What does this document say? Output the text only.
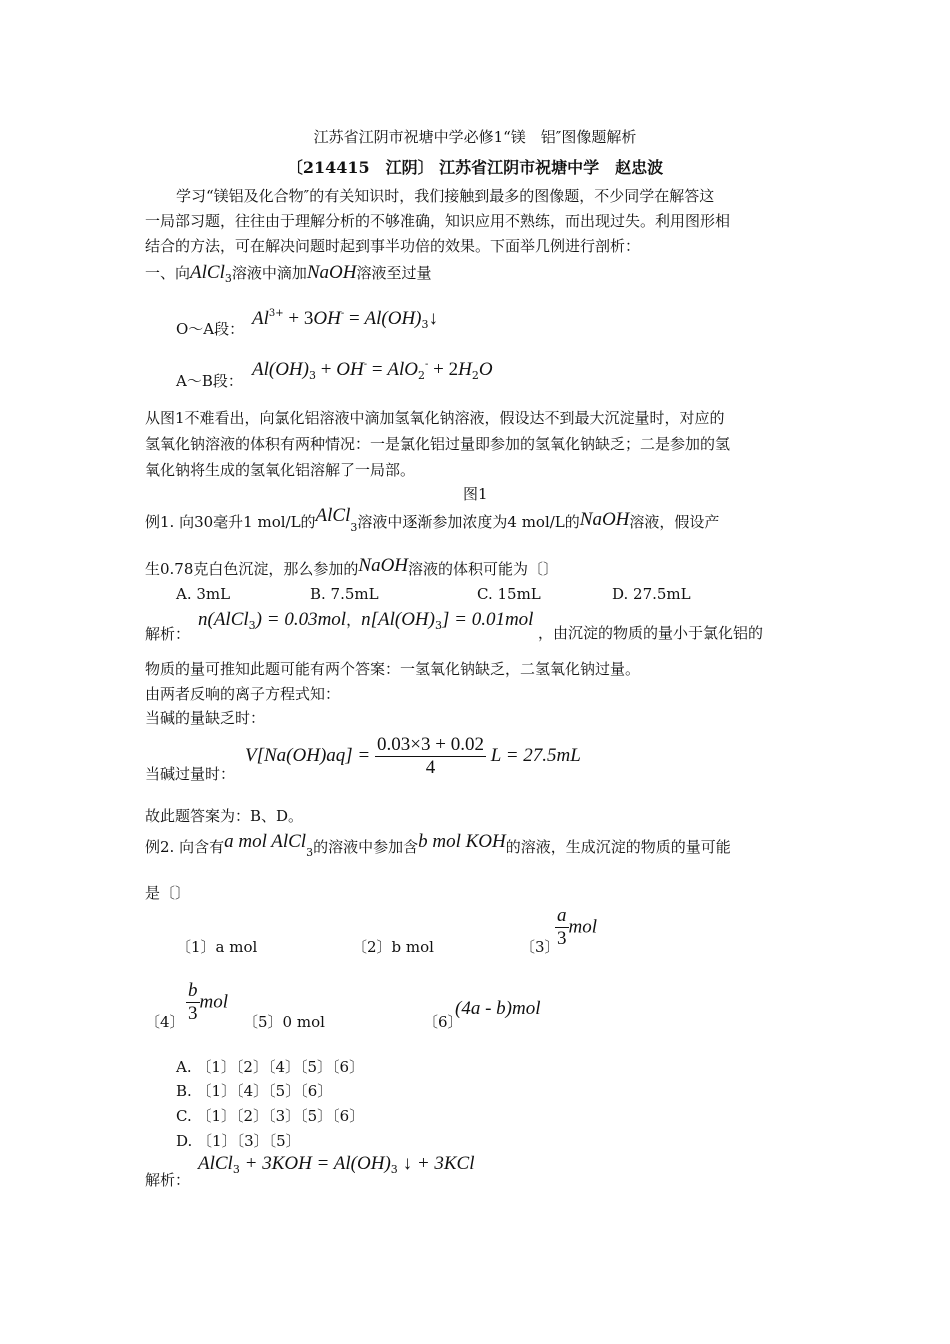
江苏省江阴市祝塘中学必修1“镁　铝″图像题解析
〔214415　江阴〕 江苏省江阴市祝塘中学　赵忠波
学习“镁铝及化合物″的有关知识时，我们接触到最多的图像题，不少同学在解答这
一局部习题，往往由于理解分析的不够准确，知识应用不熟练，而出现过失。利用图形相
结合的方法，可在解决问题时起到事半功倍的效果。下面举几例进行剖析：
一、向AlCl$_3$溶液中滴加NaOH溶液至过量
O～A段： $Al^{3+} + 3OH^-$ = $Al(OH)_3↓$
A～B段：
$Al(OH)_3 + OH^- = AlO_2^- + 2H_2O$
从图1不难看出，向氯化铝溶液中滴加氢氧化钠溶液，假设达不到最大沉淀量时，对应的
氢氧化钠溶液的体积有两种情况：一是氯化铝过量即参加的氢氧化钠缺乏；二是参加的氢
氧化钠将生成的氢氧化铝溶解了一局部。
图1
例1. 向30毫升1 mol/L的AlCl$_3$溶液中逐渐参加浓度为4 mol/L的NaOH溶液，假设产
生0.78克白色沉淀，那么参加的NaOH溶液的体积可能为〔〕
A. 3mL	B. 7.5mL	C. 15mL	D. 27.5mL
解析：
n(AlCl$_3$) = 0.03mol，$n[Al(OH)_3] = 0.01mol$
，由沉淀的物质的量小于氯化铝的
物质的量可推知此题可能有两个答案：一氢氧化钠缺乏，二氢氧化钠过量。
由两者反响的离子方程式知：
当碱的量缺乏时：
当碱过量时：
$V[Na(OH)aq] = \frac{0.03\times 3 + 0.02}{4}$ L = 27.5mL
故此题答案为：B、D。
例2. 向含有a mol AlCl$_3$的溶液中参加含b mol KOH的溶液，生成沉淀的物质的量可能
是〔〕
〔1〕a mol	〔2〕b mol	〔3〕
$\frac{a}{3}$ mol
〔4〕 $\frac{b}{3}$ mol
〔5〕0 mol	〔6〕
(4a - b)mol
A. 〔1〕〔2〕〔4〕〔5〕〔6〕
B. 〔1〕〔4〕〔5〕〔6〕
C. 〔1〕〔2〕〔3〕〔5〕〔6〕
D. 〔1〕〔3〕〔5〕
解析：
AlCl$_3$ + $3KOH = Al(OH)_3$ ↓ + 3KCl
